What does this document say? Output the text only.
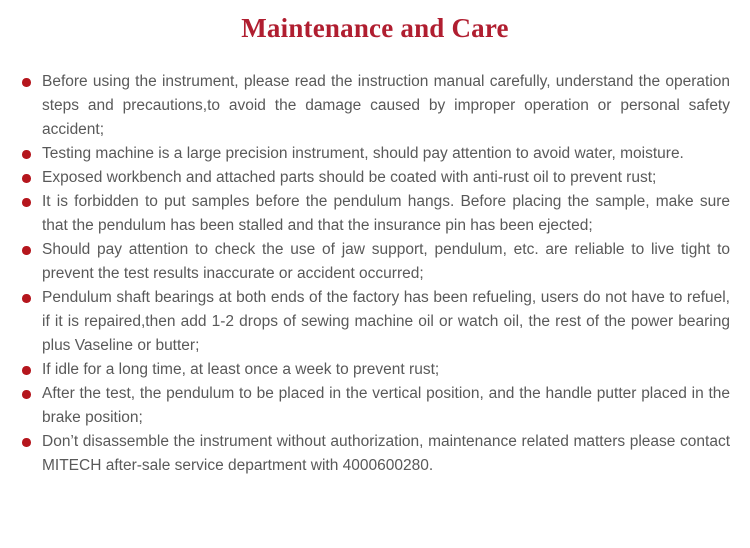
Maintenance and Care
Before using the instrument, please read the instruction manual carefully, understand the operation steps and precautions,to avoid the damage caused by improper operation or personal safety accident;
Testing machine is a large precision instrument, should pay attention to avoid water, moisture.
Exposed workbench and attached parts should be coated with anti-rust oil to prevent rust;
It is forbidden to put samples before the pendulum hangs. Before placing the sample, make sure that the pendulum has been stalled and that the insurance pin has been ejected;
Should pay attention to check the use of jaw support, pendulum, etc. are reliable to live tight to prevent the test results inaccurate or accident occurred;
Pendulum shaft bearings at both ends of the factory has been refueling, users do not have to refuel, if it is repaired,then add 1-2 drops of sewing machine oil or watch oil, the rest of the power bearing plus Vaseline or butter;
If idle for a long time, at least once a week to prevent rust;
After the test, the pendulum to be placed in the vertical position, and the handle putter placed in the brake position;
Don’t disassemble the instrument without authorization, maintenance related matters please contact MITECH after-sale service department with 4000600280.
